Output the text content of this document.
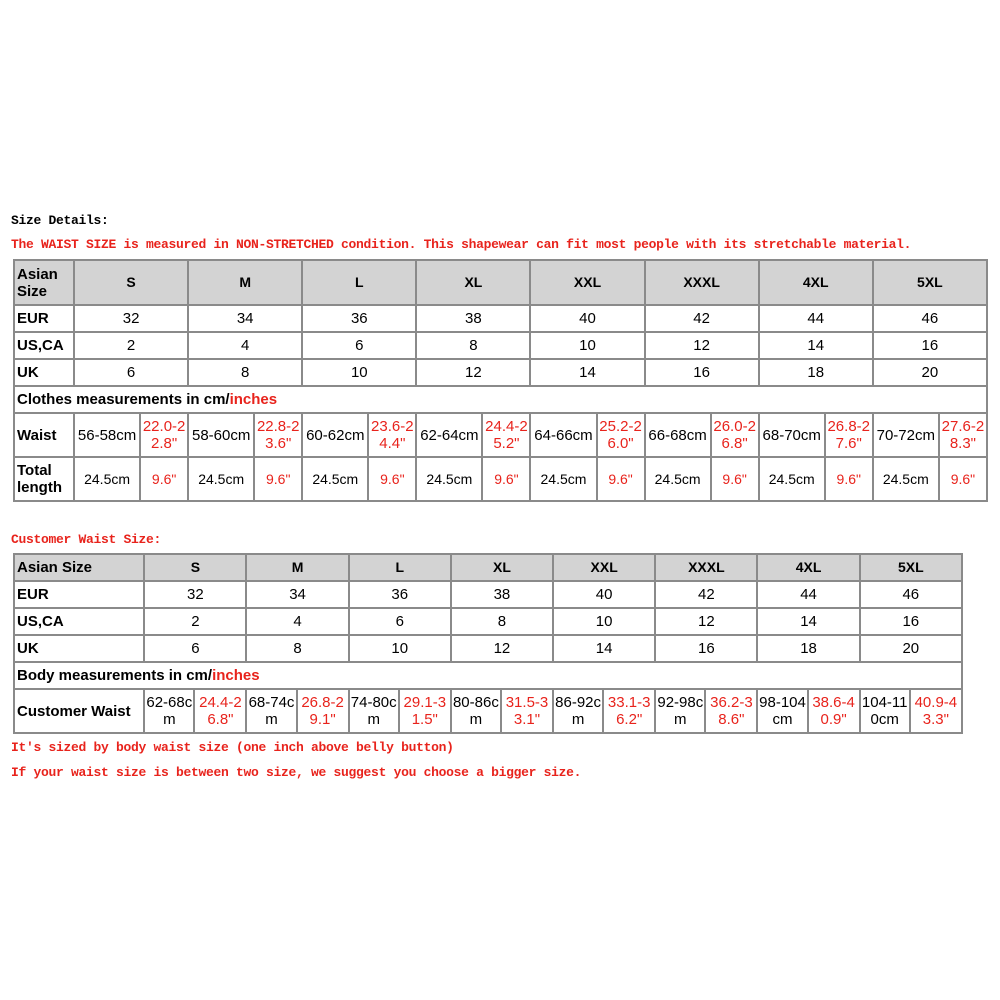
Size Details:
The WAIST SIZE is measured in NON-STRETCHED condition. This shapewear can fit most people with its stretchable material.
Asian Size	S		M		L		XL		XXL		XXXL		4XL		5XL	
EUR	32		34		36		38		40		42		44		46	
US,CA	2		4		6		8		10		12		14		16	
UK	6		8		10		12		14		16		18		20	
Clothes measurements in cm/inches																
Waist	56-58cm	22.0-22.8"	58-60cm	22.8-23.6"	60-62cm	23.6-24.4"	62-64cm	24.4-25.2"	64-66cm	25.2-26.0"	66-68cm	26.0-26.8"	68-70cm	26.8-27.6"	70-72cm	27.6-28.3"
Total length	24.5cm	9.6"	24.5cm	9.6"	24.5cm	9.6"	24.5cm	9.6"	24.5cm	9.6"	24.5cm	9.6"	24.5cm	9.6"	24.5cm	9.6"
Customer Waist Size:
Asian Size	S		M		L		XL		XXL		XXXL		4XL		5XL	
EUR	32		34		36		38		40		42		44		46	
US,CA	2		4		6		8		10		12		14		16	
UK	6		8		10		12		14		16		18		20	
Body measurements in cm/inches																
Customer Waist	62-68cm	24.4-26.8"	68-74cm	26.8-29.1"	74-80cm	29.1-31.5"	80-86cm	31.5-33.1"	86-92cm	33.1-36.2"	92-98cm	36.2-38.6"	98-104cm	38.6-40.9"	104-110cm	40.9-43.3"
It's sized by body waist size (one inch above belly button)
If your waist size is between two size, we suggest you choose a bigger size.
